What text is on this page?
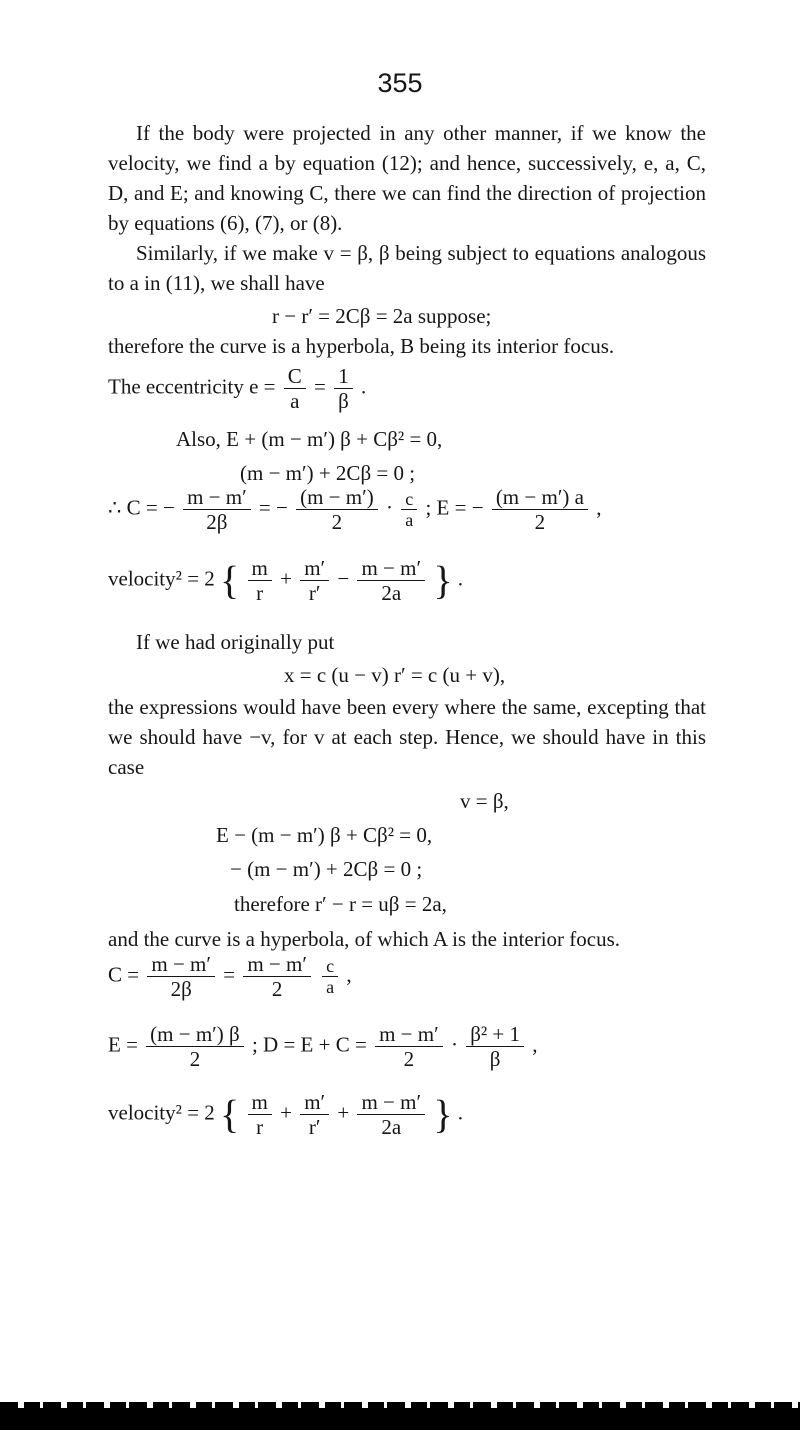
355
If the body were projected in any other manner, if we know the velocity, we find a by equation (12); and hence, successively, e, a, C, D, and E; and knowing C, there we can find the direction of projection by equations (6), (7), or (8).
Similarly, if we make v = β, β being subject to equations analogous to a in (11), we shall have
r − r′ = 2Cβ = 2a suppose;
therefore the curve is a hyperbola, B being its interior focus.
The eccentricity $e = \frac{C}{a} = \frac{1}{\beta}$ .
Also, E + (m − m′) β + Cβ² = 0,
(m − m′) + 2Cβ = 0 ;
∴ C = − $\frac{m - m'}{2\beta}$ = − $\frac{(m - m')}{2} \cdot \frac{c}{a}$ ; E = − $\frac{(m - m') a}{2}$ ,
velocity² = 2 { $\frac{m}{r} + \frac{m'}{r'} - \frac{m - m'}{2a}$ } .
If we had originally put
x = c (u − v) r′ = c (u + v),
the expressions would have been every where the same, excepting that we should have −v, for v at each step. Hence, we should have in this case
v = β,
E − (m − m′) β + Cβ² = 0,
− (m − m′) + 2Cβ = 0 ;
therefore r′ − r = uβ = 2a,
and the curve is a hyperbola, of which A is the interior focus.
$C = \frac{m - m'}{2\beta} = \frac{m - m'}{2}$
$\frac{c}{a}$ ,
$E = \frac{(m - m') \beta}{2}$ ; $D = E + C = \frac{m - m'}{2} \cdot \frac{\text{β² + 1}}{\beta}$ ,
velocity² = 2 { $\frac{m}{r} + \frac{m'}{r'} + \frac{m - m'}{2a}$ } .
